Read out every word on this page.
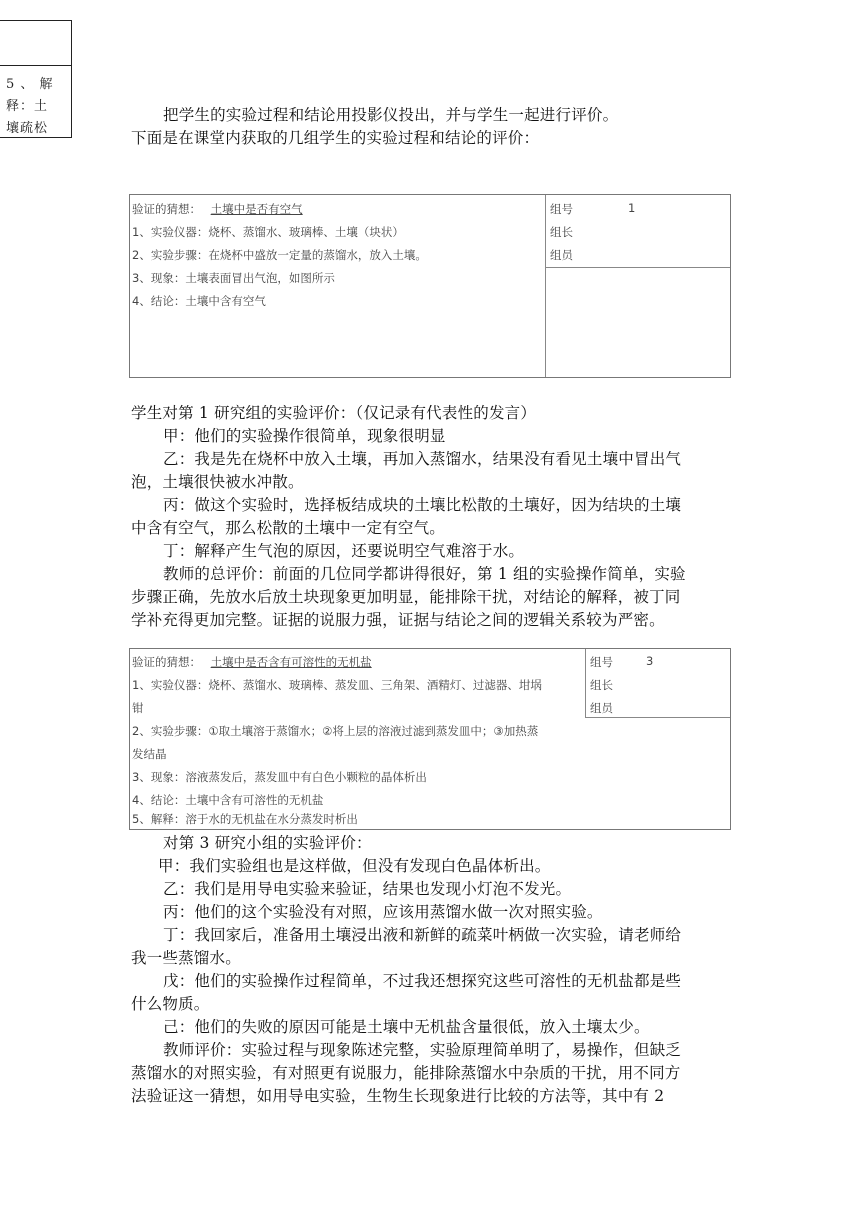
5 、 解
释：土
壤疏松
把学生的实验过程和结论用投影仪投出，并与学生一起进行评价。
下面是在课堂内获取的几组学生的实验过程和结论的评价：
验证的猜想： 土壤中是否有空气
1、实验仪器：烧杯、蒸馏水、玻璃棒、土壤（块状）
2、实验步骤：在烧杯中盛放一定量的蒸馏水，放入土壤。
3、现象：土壤表面冒出气泡，如图所示
4、结论：土壤中含有空气
组号	1
组长
组员
学生对第 1 研究组的实验评价：（仅记录有代表性的发言）
甲：他们的实验操作很简单，现象很明显
乙：我是先在烧杯中放入土壤，再加入蒸馏水，结果没有看见土壤中冒出气
泡，土壤很快被水冲散。
丙：做这个实验时，选择板结成块的土壤比松散的土壤好，因为结块的土壤
中含有空气，那么松散的土壤中一定有空气。
丁：解释产生气泡的原因，还要说明空气难溶于水。
教师的总评价：前面的几位同学都讲得很好，第 1 组的实验操作简单，实验
步骤正确，先放水后放土块现象更加明显，能排除干扰，对结论的解释，被丁同
学补充得更加完整。证据的说服力强，证据与结论之间的逻辑关系较为严密。
验证的猜想： 土壤中是否含有可溶性的无机盐
1、实验仪器：烧杯、蒸馏水、玻璃棒、蒸发皿、三角架、酒精灯、过滤器、坩埚
钳
2、实验步骤：①取土壤溶于蒸馏水；②将上层的溶液过滤到蒸发皿中；③加热蒸
发结晶
3、现象：溶液蒸发后，蒸发皿中有白色小颗粒的晶体析出
4、结论：土壤中含有可溶性的无机盐
5、解释：溶于水的无机盐在水分蒸发时析出
组号	3
组长
组员
对第 3 研究小组的实验评价：
甲：我们实验组也是这样做，但没有发现白色晶体析出。
乙：我们是用导电实验来验证，结果也发现小灯泡不发光。
丙：他们的这个实验没有对照，应该用蒸馏水做一次对照实验。
丁：我回家后，准备用土壤浸出液和新鲜的疏菜叶柄做一次实验，请老师给
我一些蒸馏水。
戊：他们的实验操作过程简单，不过我还想探究这些可溶性的无机盐都是些
什么物质。
己：他们的失败的原因可能是土壤中无机盐含量很低，放入土壤太少。
教师评价：实验过程与现象陈述完整，实验原理简单明了，易操作，但缺乏
蒸馏水的对照实验，有对照更有说服力，能排除蒸馏水中杂质的干扰，用不同方
法验证这一猜想，如用导电实验，生物生长现象进行比较的方法等，其中有 2
